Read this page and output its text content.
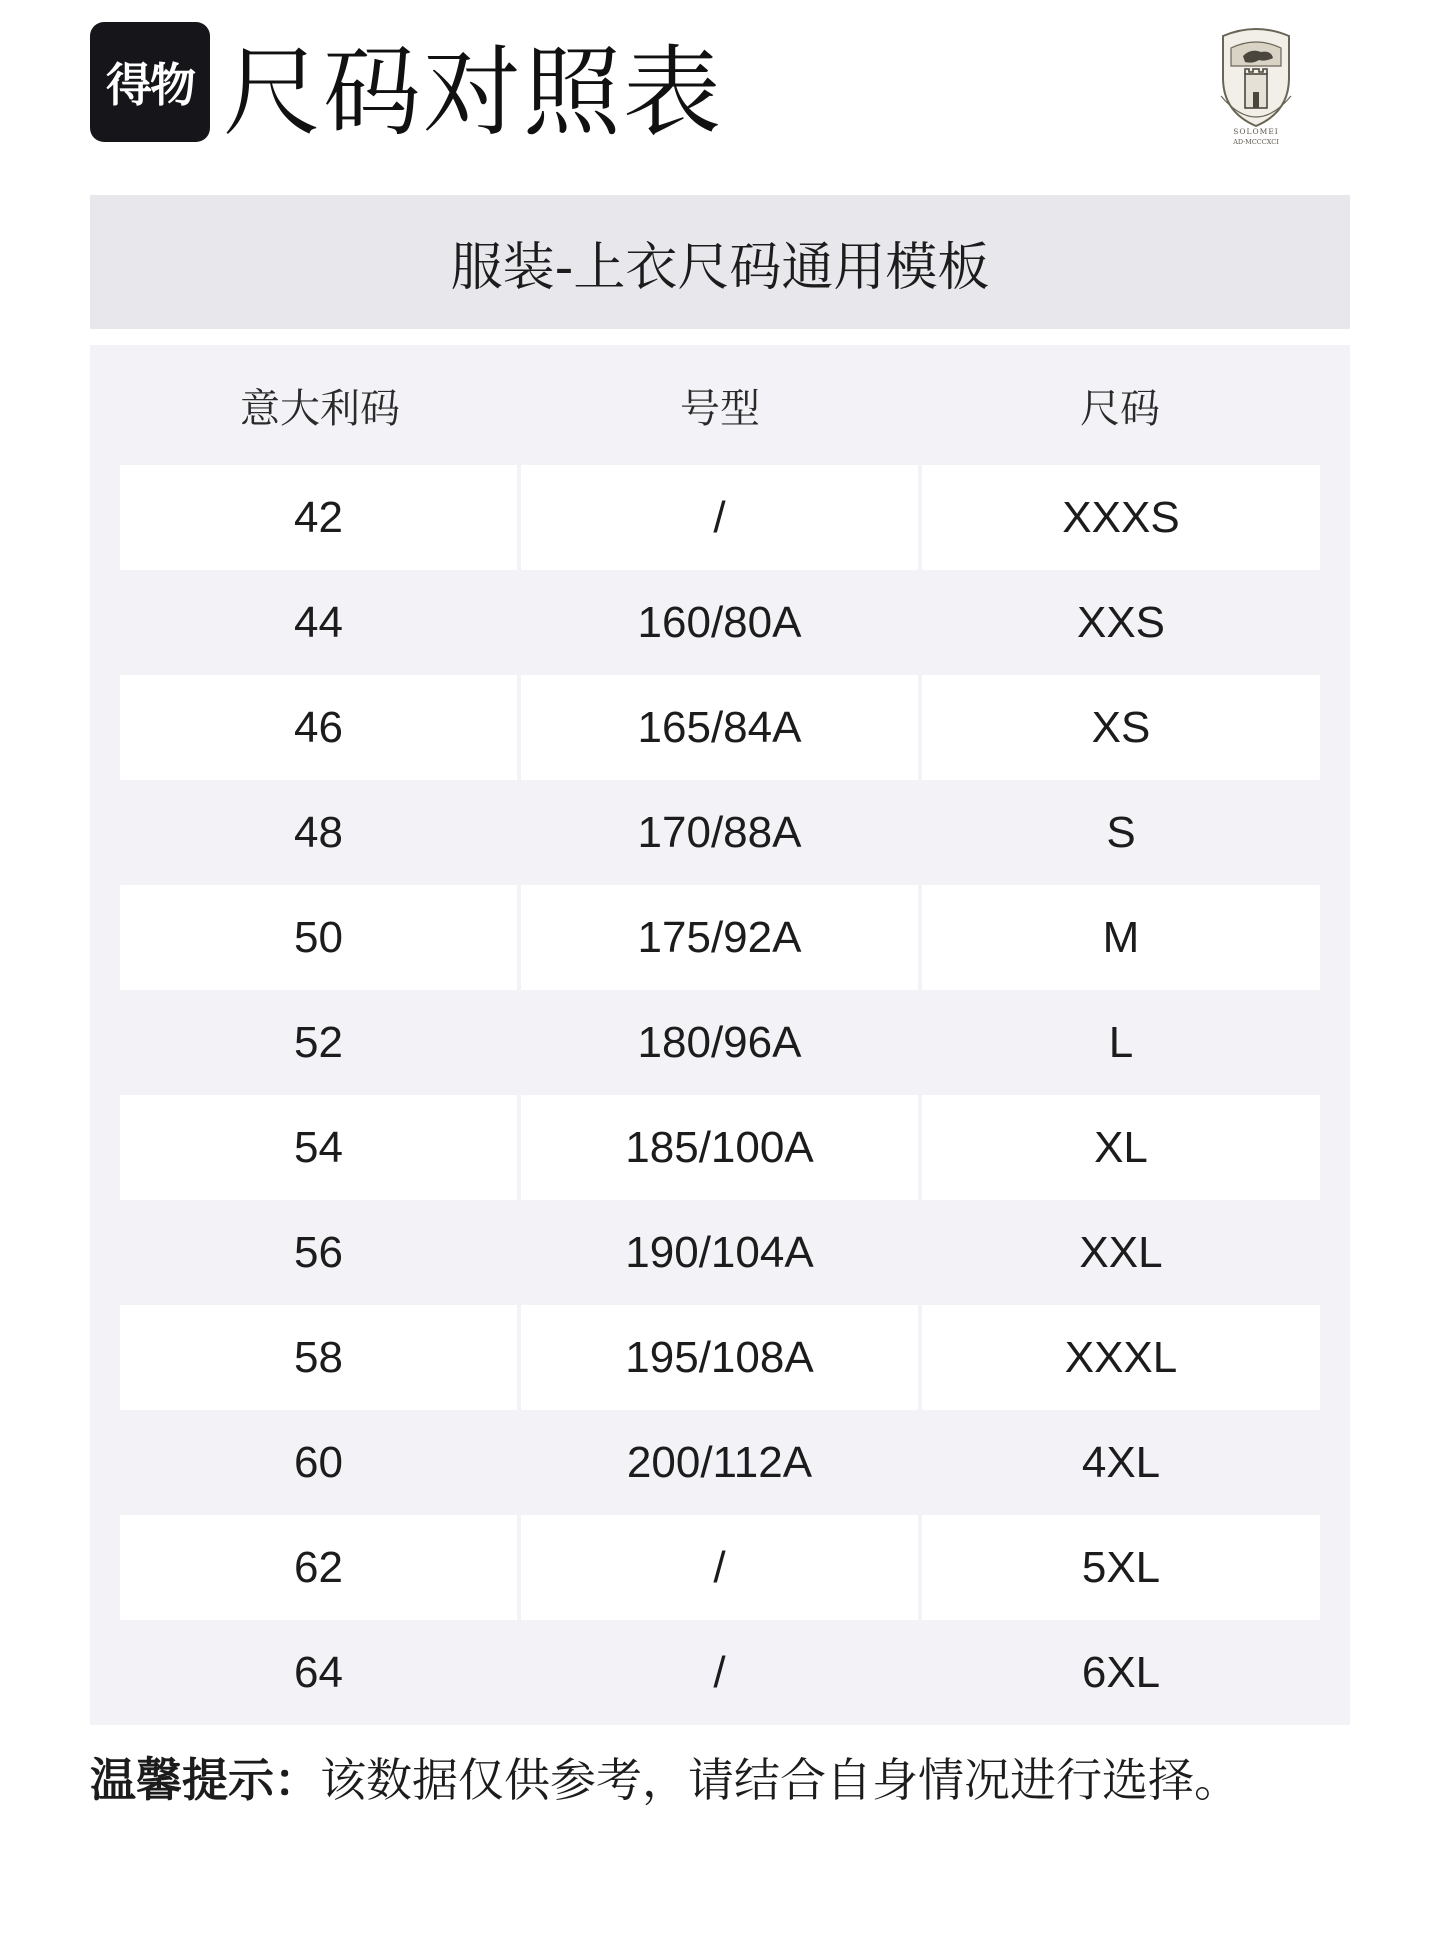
得物 尺码对照表	SOLOMEI
AD·MCCCXCI
服装-上衣尺码通用模板
意大利码	号型	尺码
42	/	XXXS
44	160/80A	XXS
46	165/84A	XS
48	170/88A	S
50	175/92A	M
52	180/96A	L
54	185/100A	XL
56	190/104A	XXL
58	195/108A	XXXL
60	200/112A	4XL
62	/	5XL
64	/	6XL
温馨提示：该数据仅供参考，请结合自身情况进行选择。
